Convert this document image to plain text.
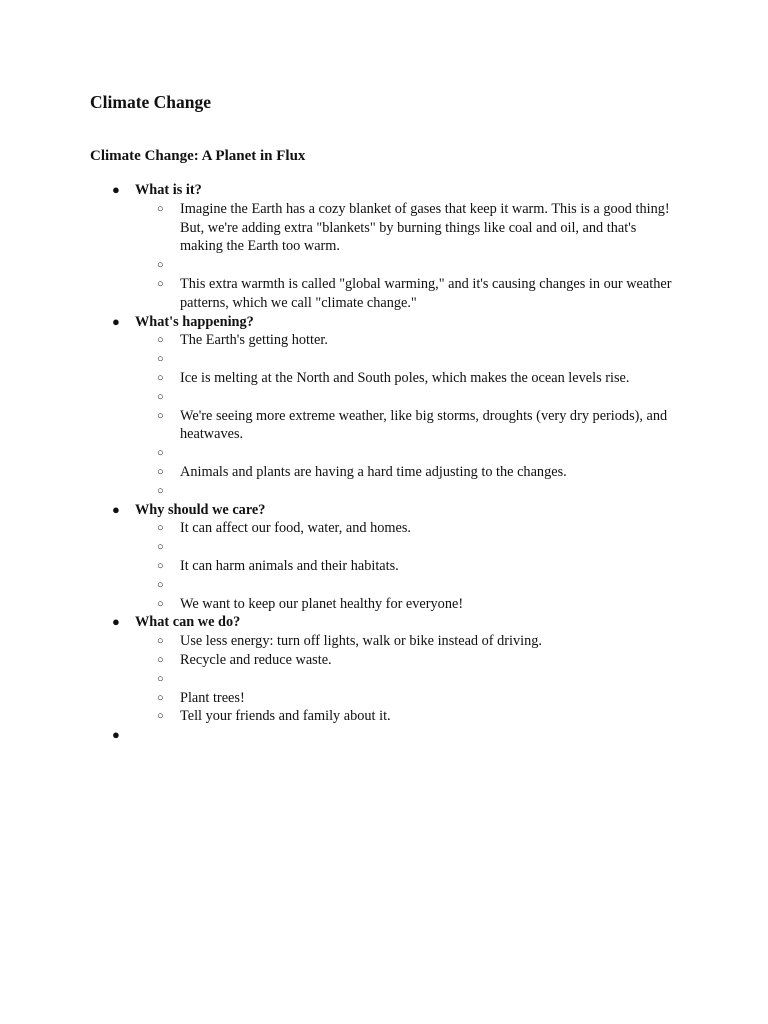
Climate Change
Climate Change: A Planet in Flux
● What is it?
○ Imagine the Earth has a cozy blanket of gases that keep it warm. This is a good thing! But, we're adding extra "blankets" by burning things like coal and oil, and that's making the Earth too warm.
○
○ This extra warmth is called "global warming," and it's causing changes in our weather patterns, which we call "climate change."
● What's happening?
○ The Earth's getting hotter.
○
○ Ice is melting at the North and South poles, which makes the ocean levels rise.
○
○ We're seeing more extreme weather, like big storms, droughts (very dry periods), and heatwaves.
○
○ Animals and plants are having a hard time adjusting to the changes.
○
● Why should we care?
○ It can affect our food, water, and homes.
○
○ It can harm animals and their habitats.
○
○ We want to keep our planet healthy for everyone!
● What can we do?
○ Use less energy: turn off lights, walk or bike instead of driving.
○ Recycle and reduce waste.
○
○ Plant trees!
○ Tell your friends and family about it.
●
